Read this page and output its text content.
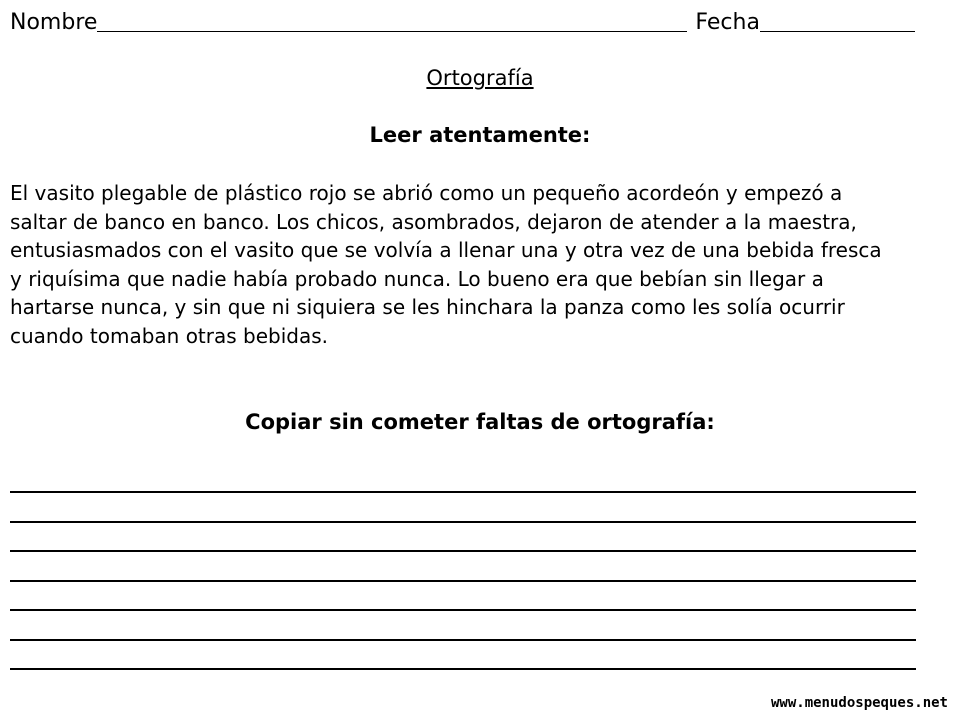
Nombre	Fecha
Ortografía
Leer atentamente:

El vasito plegable de plástico rojo se abrió como un pequeño acordeón y empezó a
saltar de banco en banco. Los chicos, asombrados, dejaron de atender a la maestra,
entusiasmados con el vasito que se volvía a llenar una y otra vez de una bebida fresca
y riquísima que nadie había probado nunca. Lo bueno era que bebían sin llegar a
hartarse nunca, y sin que ni siquiera se les hinchara la panza como les solía ocurrir
cuando tomaban otras bebidas.

Copiar sin cometer faltas de ortografía:
www.menudospeques.net
